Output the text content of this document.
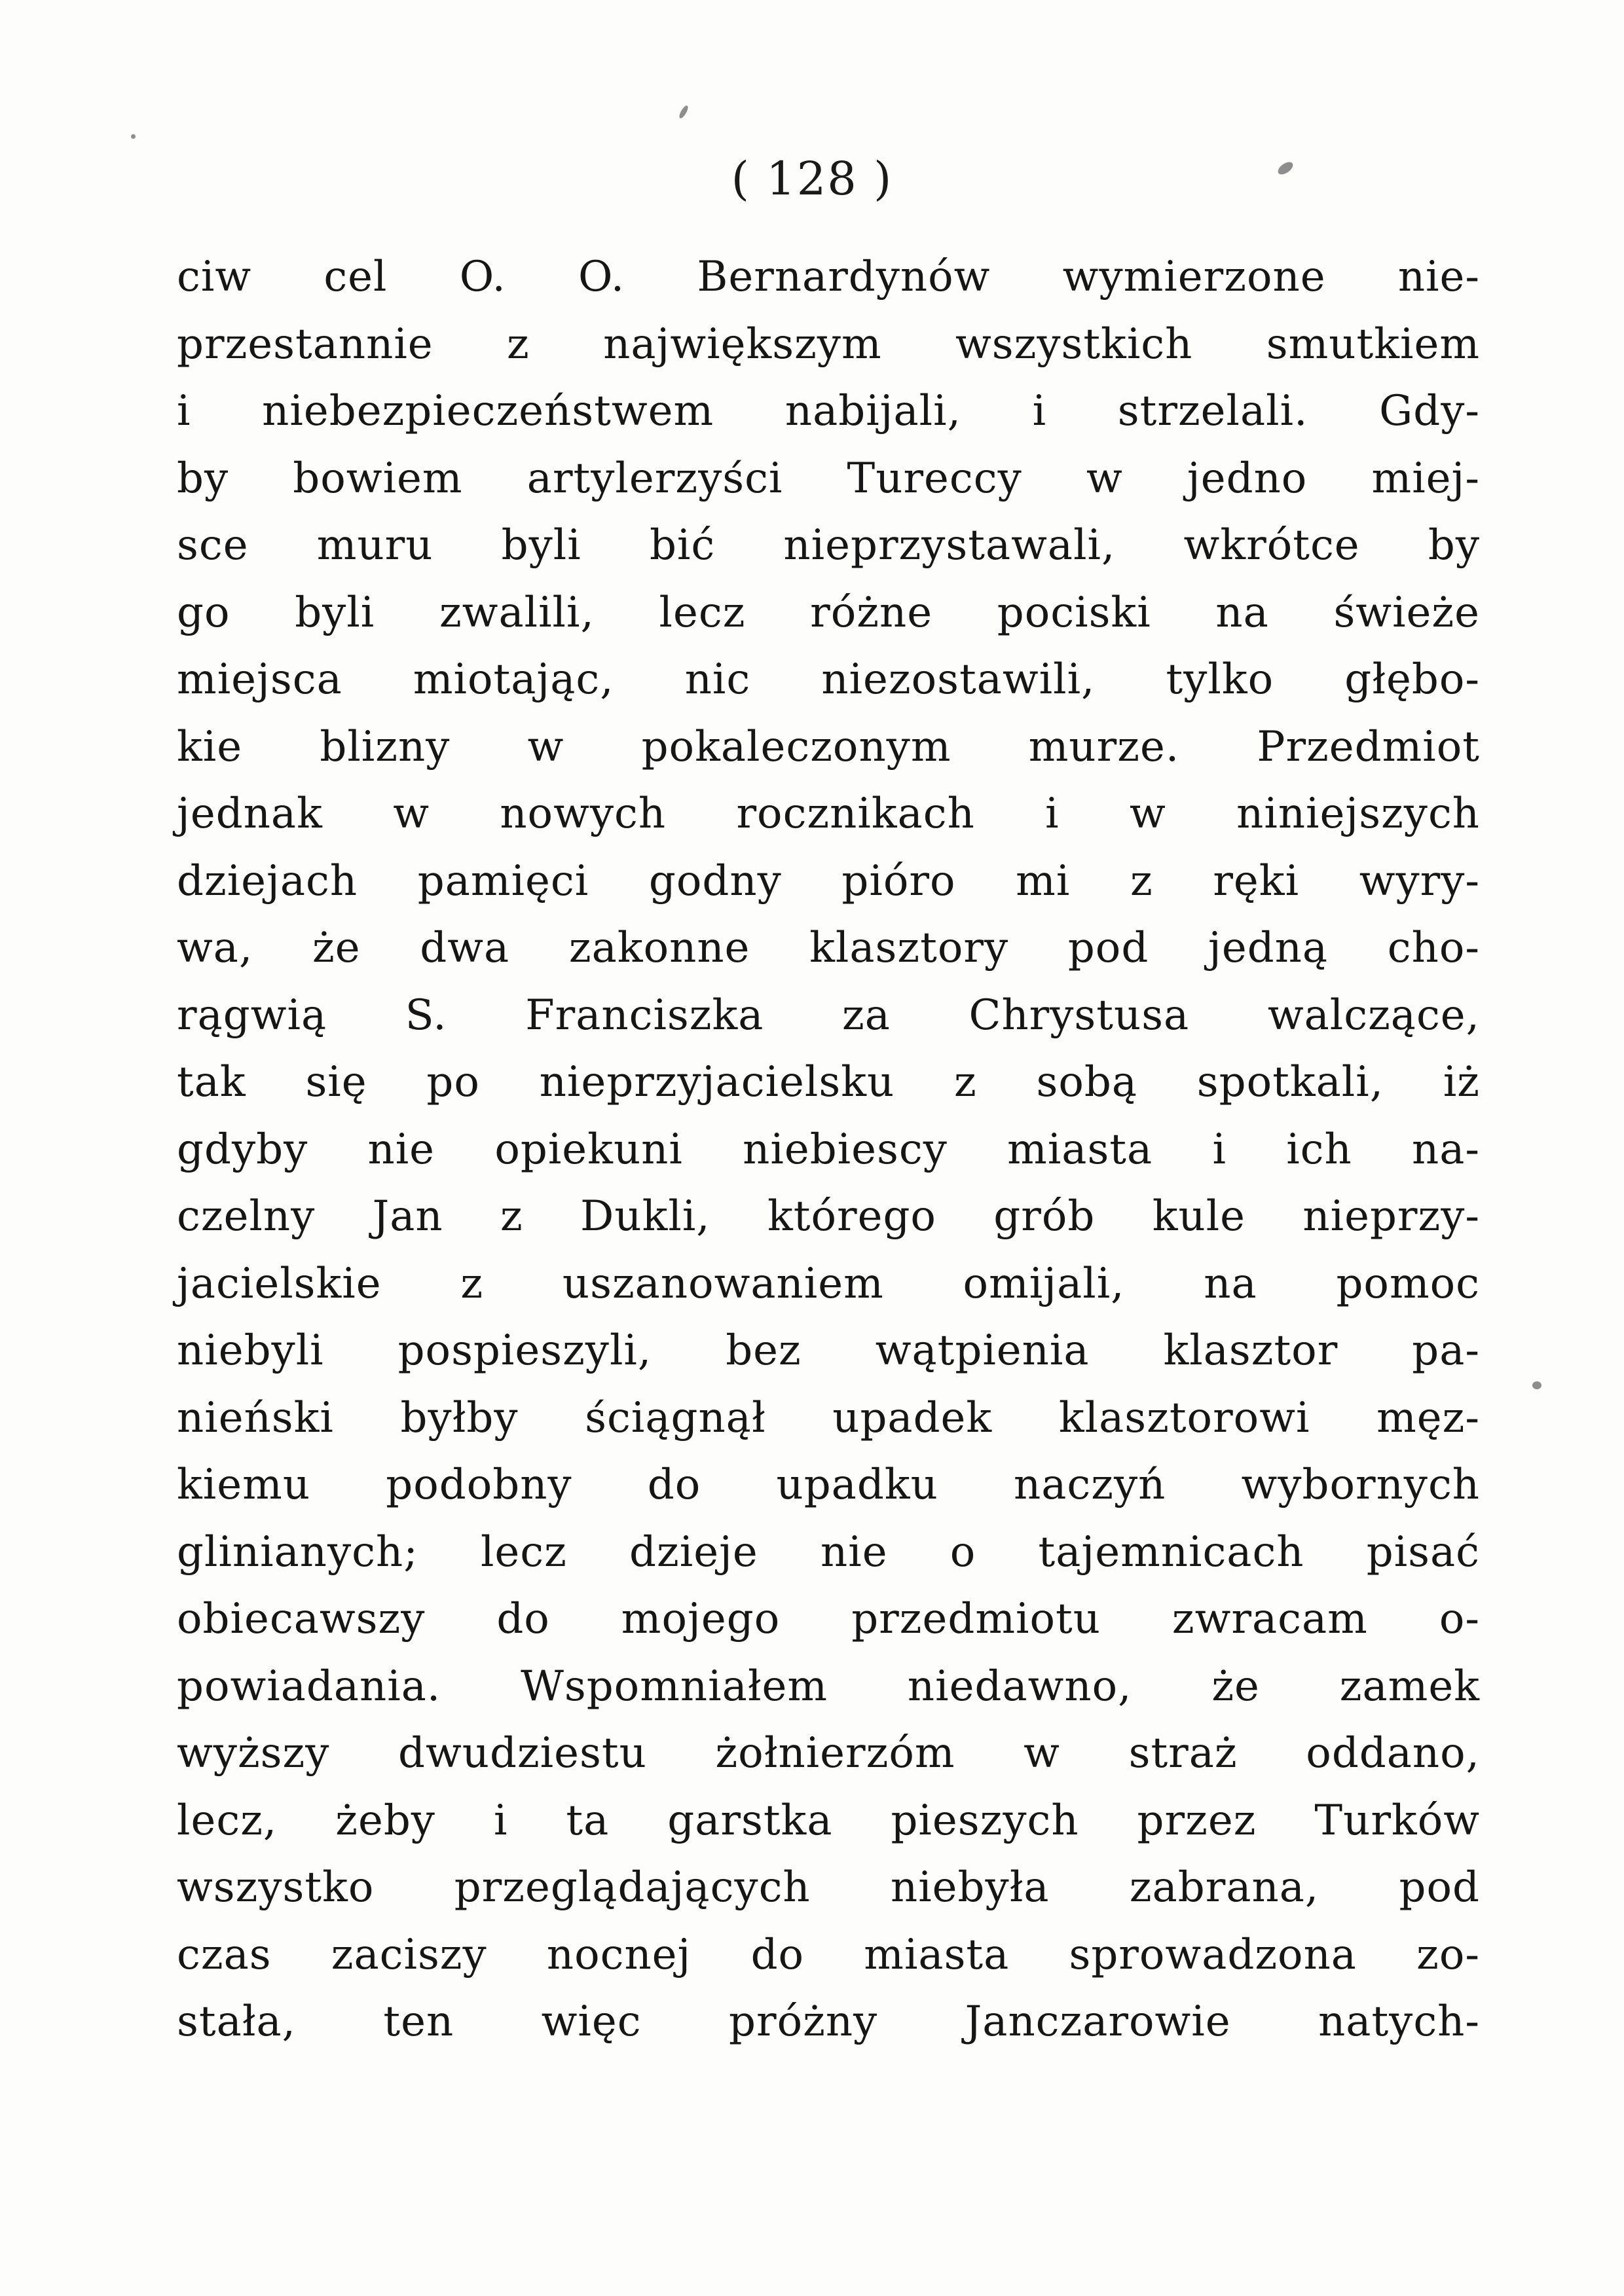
( 128 )
ciw cel O. O. Bernardynów wymierzone nie-
przestannie z największym wszystkich smutkiem
i niebezpieczeństwem nabijali, i strzelali. Gdy-
by bowiem artylerzyści Tureccy w jedno miej-
sce muru byli bić nieprzystawali, wkrótce by
go byli zwalili, lecz różne pociski na świeże
miejsca miotając, nic niezostawili, tylko głębo-
kie blizny w pokaleczonym murze. Przedmiot
jednak w nowych rocznikach i w niniejszych
dziejach pamięci godny pióro mi z ręki wyry-
wa, że dwa zakonne klasztory pod jedną cho-
rągwią S. Franciszka za Chrystusa walczące,
tak się po nieprzyjacielsku z sobą spotkali, iż
gdyby nie opiekuni niebiescy miasta i ich na-
czelny Jan z Dukli, którego grób kule nieprzy-
jacielskie z uszanowaniem omijali, na pomoc
niebyli pospieszyli, bez wątpienia klasztor pa-
nieński byłby ściągnął upadek klasztorowi męz-
kiemu podobny do upadku naczyń wybornych
glinianych; lecz dzieje nie o tajemnicach pisać
obiecawszy do mojego przedmiotu zwracam o-
powiadania. Wspomniałem niedawno, że zamek
wyższy dwudziestu żołnierzóm w straż oddano,
lecz, żeby i ta garstka pieszych przez Turków
wszystko przeglądających niebyła zabrana, pod
czas zaciszy nocnej do miasta sprowadzona zo-
stała, ten więc próżny Janczarowie natych-
